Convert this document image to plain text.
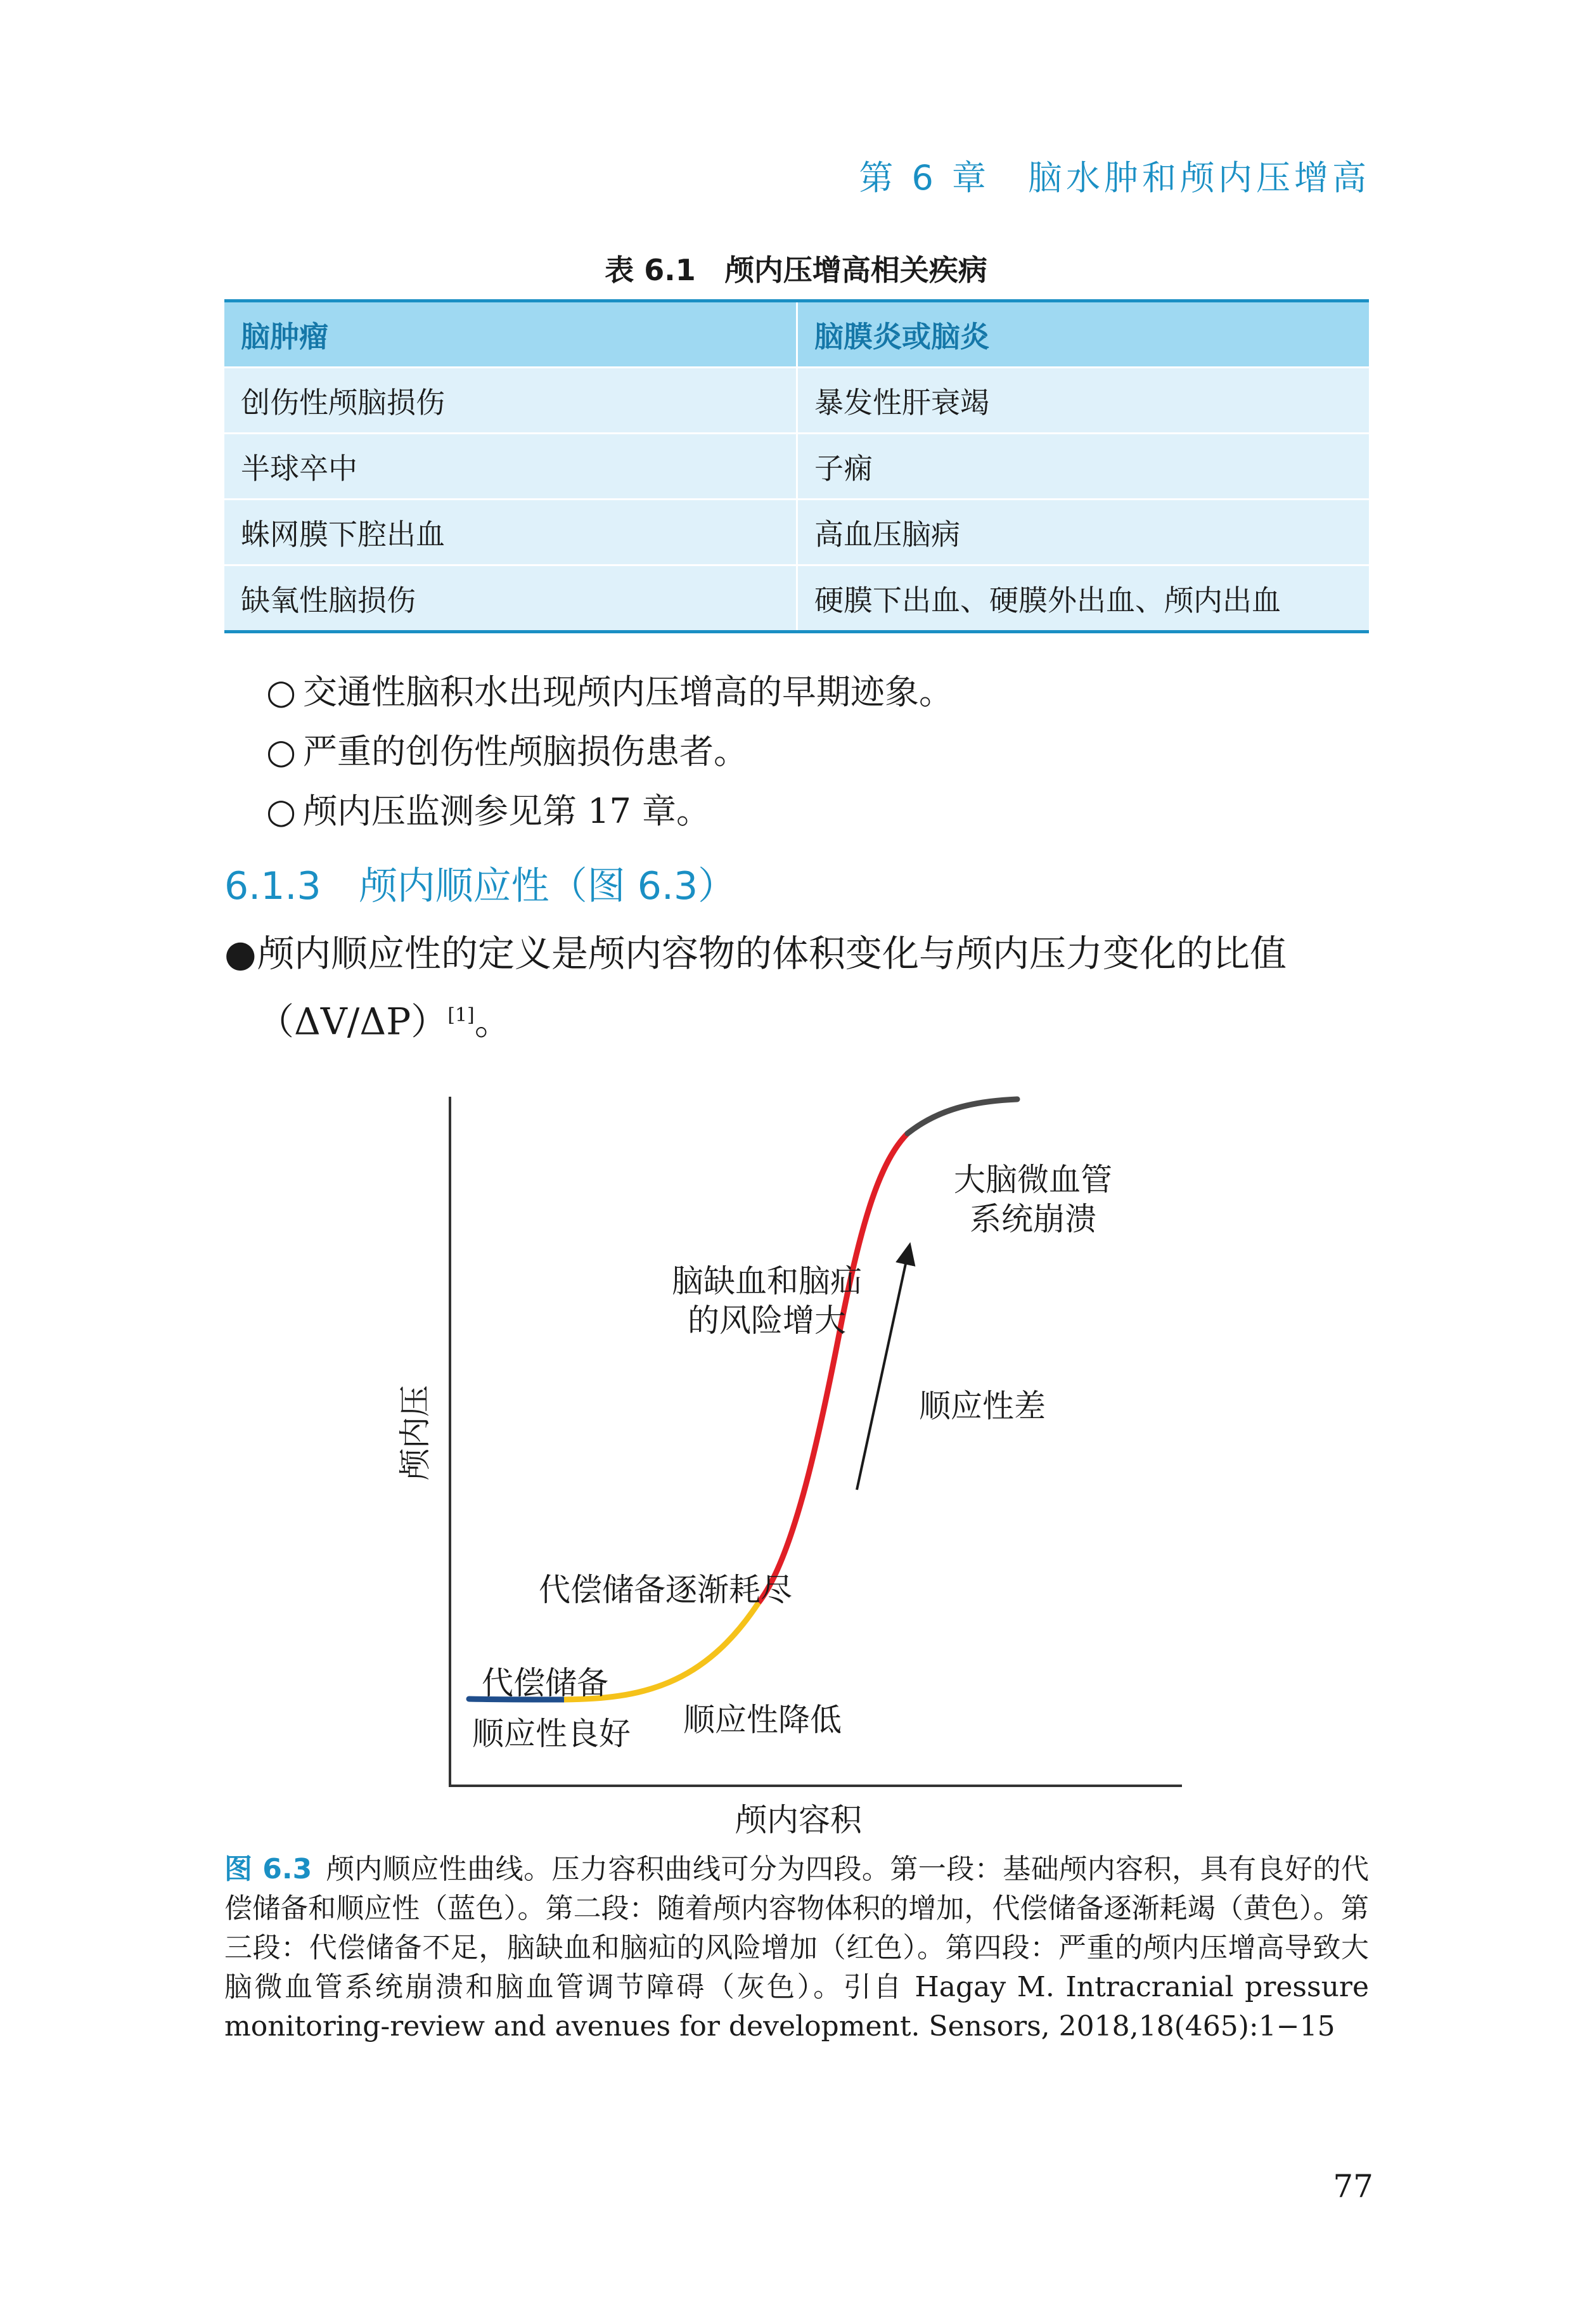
第 6 章　脑水肿和颅内压增高
表 6.1 颅内压增高相关疾病
脑肿瘤	脑膜炎或脑炎
创伤性颅脑损伤	暴发性肝衰竭
半球卒中	子痫
蛛网膜下腔出血	高血压脑病
缺氧性脑损伤	硬膜下出血、硬膜外出血、颅内出血
○ 交通性脑积水出现颅内压增高的早期迹象。
○ 严重的创伤性颅脑损伤患者。
○ 颅内压监测参见第 17 章。
6.1.3 颅内顺应性（图 6.3）
●颅内顺应性的定义是颅内容物的体积变化与颅内压力变化的比值
（ΔV/ΔP）[1]。
颅内压
颅内容积
代偿储备
顺应性良好 顺应性降低
代偿储备逐渐耗尽
顺应性差
脑缺血和脑疝
的风险增大
大脑微血管
系统崩溃
图 6.3 颅内顺应性曲线。压力容积曲线可分为四段。第一段：基础颅内容积，具有良好的代偿储备和顺应性（蓝色）。第二段：随着颅内容物体积的增加，代偿储备逐渐耗竭（黄色）。第三段：代偿储备不足，脑缺血和脑疝的风险增加（红色）。第四段：严重的颅内压增高导致大脑微血管系统崩溃和脑血管调节障碍（灰色）。引自 Hagay M. Intracranial pressure monitoring-review and avenues for development. Sensors, 2018,18(465):1−15
77
